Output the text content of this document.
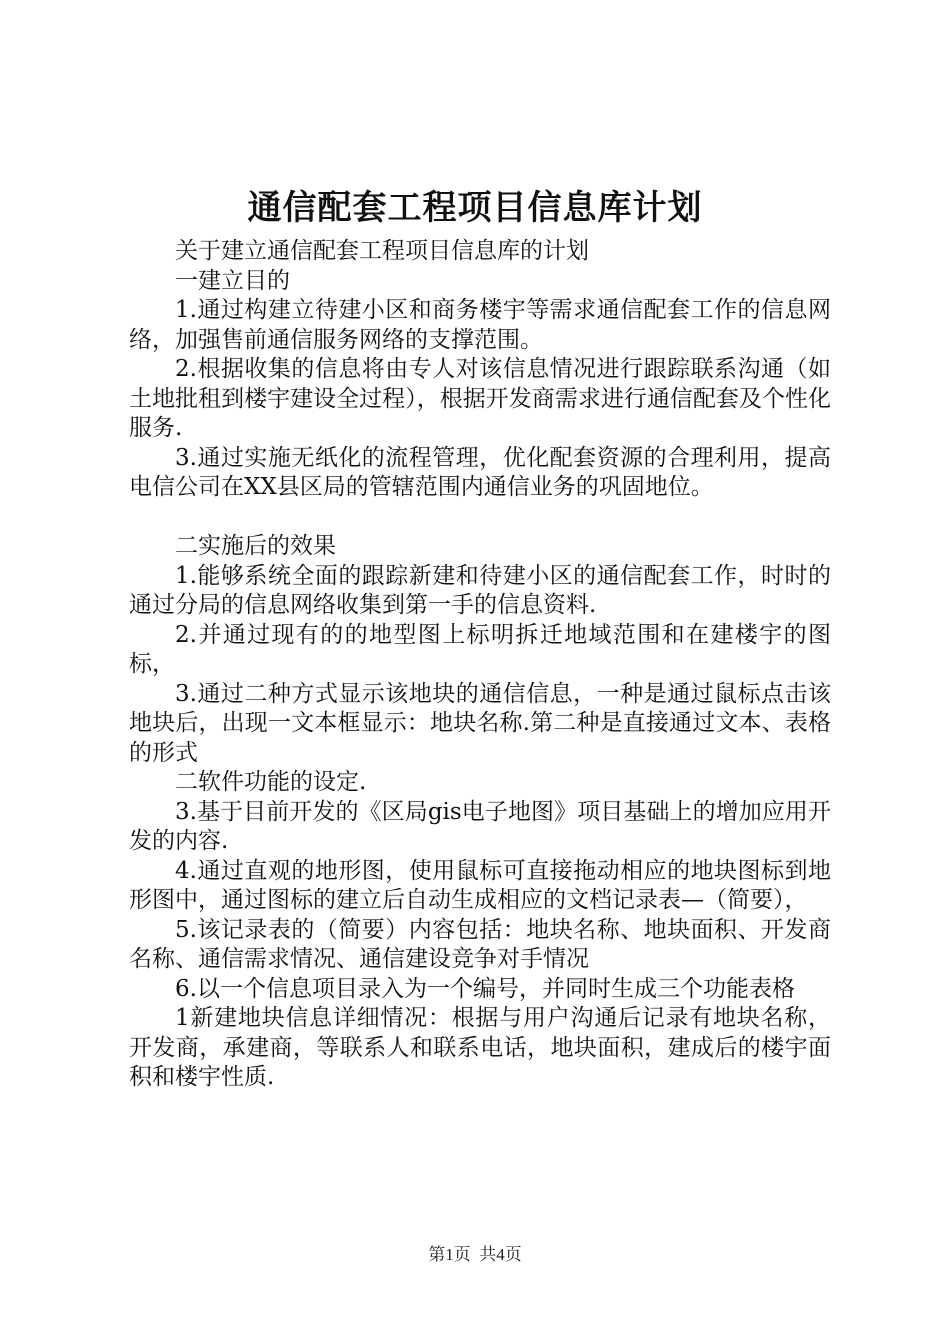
通信配套工程项目信息库计划

关于建立通信配套工程项目信息库的计划

一建立目的

1.通过构建立待建小区和商务楼宇等需求通信配套工作的信息网络，加强售前通信服务网络的支撑范围。

2.根据收集的信息将由专人对该信息情况进行跟踪联系沟通（如土地批租到楼宇建设全过程），根据开发商需求进行通信配套及个性化服务.

3.通过实施无纸化的流程管理，优化配套资源的合理利用，提高电信公司在XX县区局的管辖范围内通信业务的巩固地位。

二实施后的效果

1.能够系统全面的跟踪新建和待建小区的通信配套工作，时时的通过分局的信息网络收集到第一手的信息资料.

2.并通过现有的的地型图上标明拆迁地域范围和在建楼宇的图标，

3.通过二种方式显示该地块的通信信息，一种是通过鼠标点击该地块后，出现一文本框显示：地块名称.第二种是直接通过文本、表格的形式

二软件功能的设定.

3.基于目前开发的《区局gis电子地图》项目基础上的增加应用开发的内容.

4.通过直观的地形图，使用鼠标可直接拖动相应的地块图标到地形图中，通过图标的建立后自动生成相应的文档记录表—（简要），

5.该记录表的（简要）内容包括：地块名称、地块面积、开发商名称、通信需求情况、通信建设竞争对手情况

6.以一个信息项目录入为一个编号，并同时生成三个功能表格

1新建地块信息详细情况：根据与用户沟通后记录有地块名称，开发商，承建商，等联系人和联系电话，地块面积，建成后的楼宇面积和楼宇性质.

第1页  共4页
